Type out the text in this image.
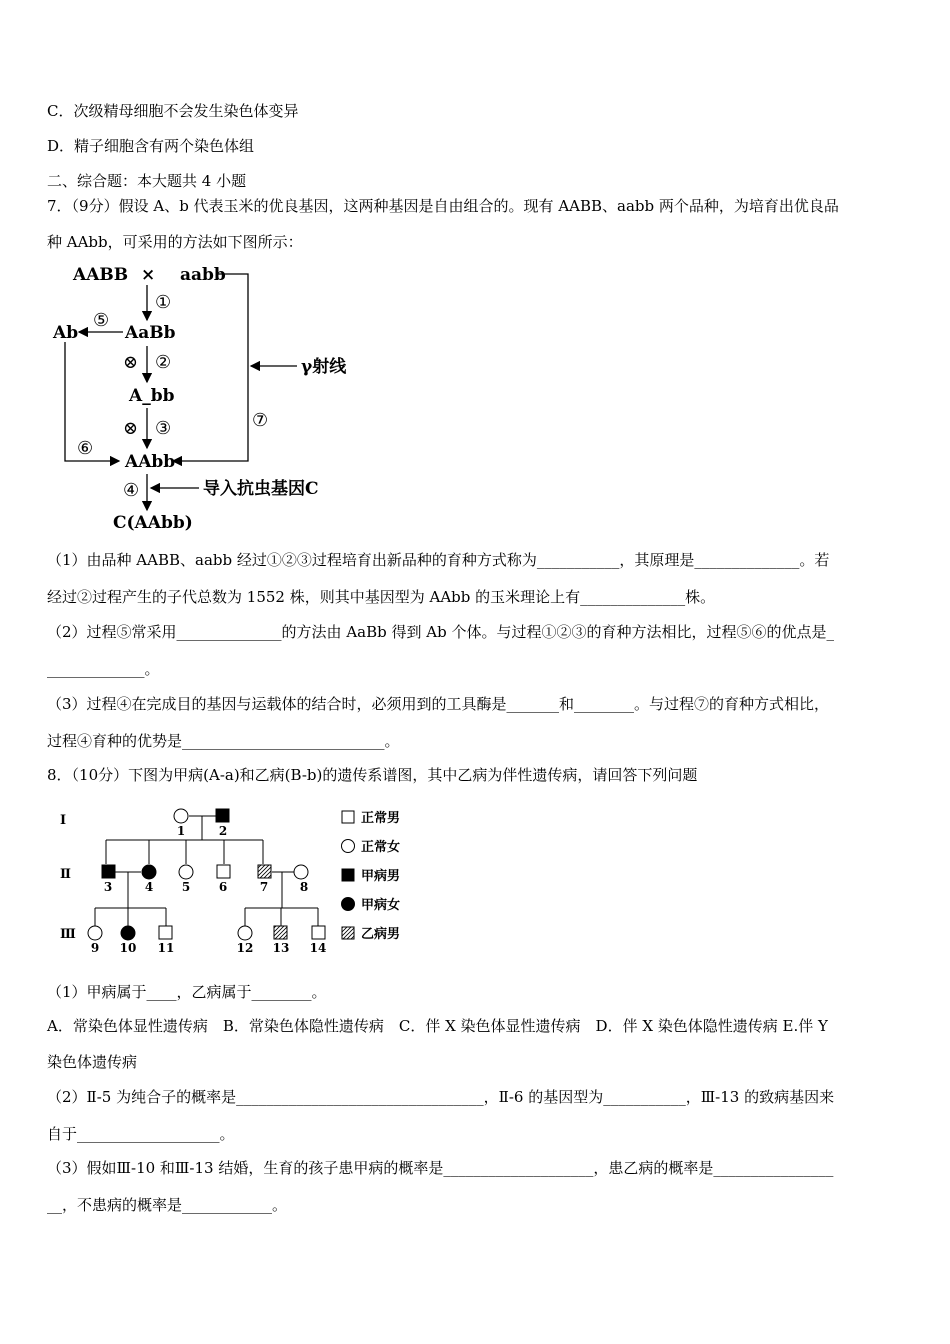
C．次级精母细胞不会发生染色体变异
D．精子细胞含有两个染色体组
二、综合题：本大题共 4 小题
7．（9分）假设 A、b 代表玉米的优良基因，这两种基因是自由组合的。现有 AABB、aabb 两个品种，为培育出优良品
种 AAbb，可采用的方法如下图所示：
AABB × aabb
AaBb
Ab
A_bb
AAbb
C(AAbb)
γ射线
导入抗虫基因C
①
②
③
④
⑤
⑥
⑦
⊗
⊗
（1）由品种 AABB、aabb 经过①②③过程培育出新品种的育种方式称为___________，其原理是______________。若
经过②过程产生的子代总数为 1552 株，则其中基因型为 AAbb 的玉米理论上有______________株。
（2）过程⑤常采用______________的方法由 AaBb 得到 Ab 个体。与过程①②③的育种方法相比，过程⑤⑥的优点是_
_____________。
（3）过程④在完成目的基因与运载体的结合时，必须用到的工具酶是_______和________。与过程⑦的育种方式相比，
过程④育种的优势是___________________________。
8．（10分）下图为甲病(A-a)和乙病(B-b)的遗传系谱图，其中乙病为伴性遗传病，请回答下列问题
Ⅰ
Ⅱ
Ⅲ
1	2
3	4 5 6	7	8
9 10 11	12 13 14
正常男
正常女
甲病男
甲病女
乙病男
（1）甲病属于____，乙病属于________。
A．常染色体显性遗传病　B．常染色体隐性遗传病　C．伴 X 染色体显性遗传病　D．伴 X 染色体隐性遗传病 E.伴 Y
染色体遗传病
（2）Ⅱ-5 为纯合子的概率是_________________________________，Ⅱ-6 的基因型为___________，Ⅲ-13 的致病基因来
自于___________________。
（3）假如Ⅲ-10 和Ⅲ-13 结婚，生育的孩子患甲病的概率是____________________，患乙病的概率是________________
__，不患病的概率是____________。
